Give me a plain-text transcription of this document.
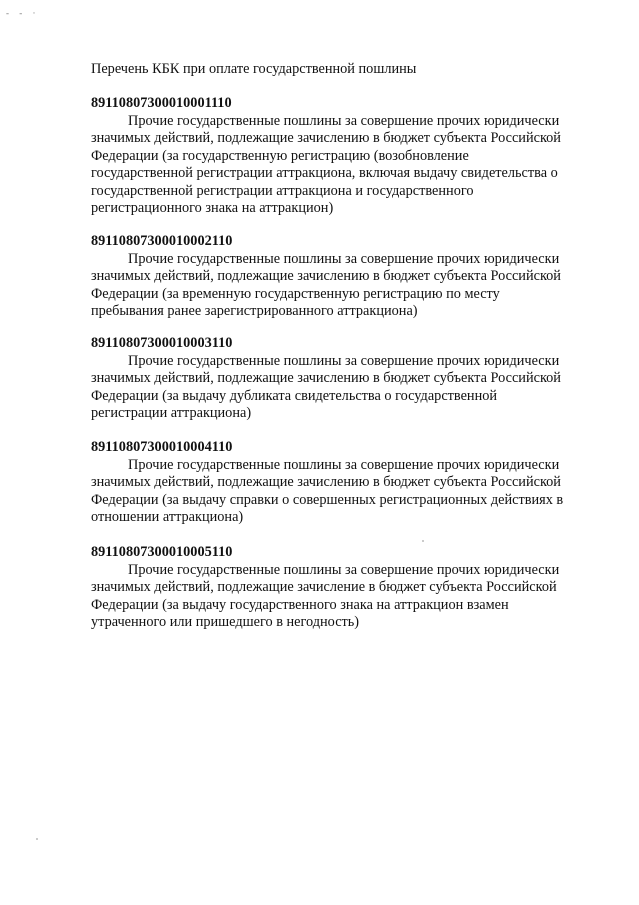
- - ·
Перечень КБК при оплате государственной пошлины
89110807300010001110

Прочие государственные пошлины за совершение прочих юридически
значимых действий, подлежащие зачислению в бюджет субъекта Российской
Федерации (за государственную регистрацию (возобновление
государственной регистрации аттракциона, включая выдачу свидетельства о
государственной регистрации аттракциона и государственного
регистрационного знака на аттракцион)

89110807300010002110

Прочие государственные пошлины за совершение прочих юридически
значимых действий, подлежащие зачислению в бюджет субъекта Российской
Федерации (за временную государственную регистрацию по месту
пребывания ранее зарегистрированного аттракциона)

89110807300010003110

Прочие государственные пошлины за совершение прочих юридически
значимых действий, подлежащие зачислению в бюджет субъекта Российской
Федерации (за выдачу дубликата свидетельства о государственной
регистрации аттракциона)

89110807300010004110

Прочие государственные пошлины за совершение прочих юридически
значимых действий, подлежащие зачислению в бюджет субъекта Российской
Федерации (за выдачу справки о совершенных регистрационных действиях в
отношении аттракциона)

89110807300010005110

Прочие государственные пошлины за совершение прочих юридически
значимых действий, подлежащие зачисление в бюджет субъекта Российской
Федерации (за выдачу государственного знака на аттракцион взамен
утраченного или пришедшего в негодность)
